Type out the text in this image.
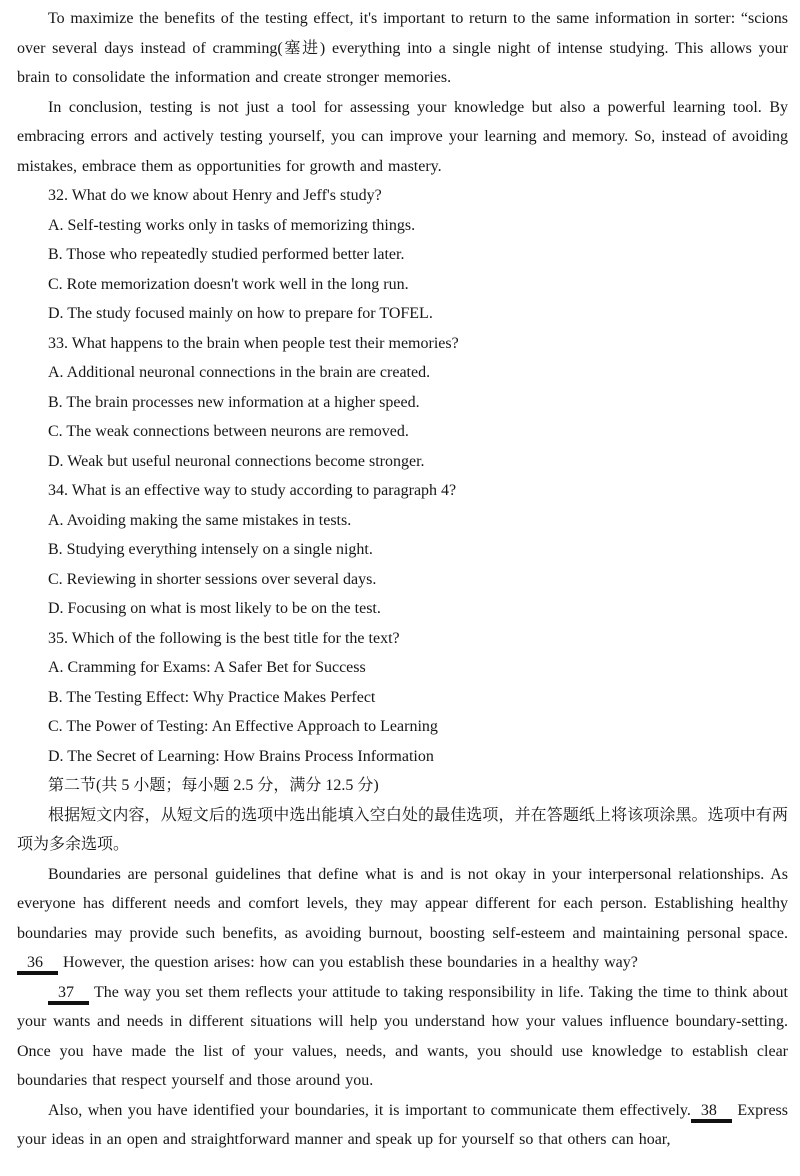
To maximize the benefits of the testing effect, it's important to return to the same information in sorter: “scions over several days instead of cramming(塞进) everything into a single night of intense studying. This allows your brain to consolidate the information and create stronger memories.

In conclusion, testing is not just a tool for assessing your knowledge but also a powerful learning tool. By embracing errors and actively testing yourself, you can improve your learning and memory. So, instead of avoiding mistakes, embrace them as opportunities for growth and mastery.

32. What do we know about Henry and Jeff's study?

A. Self-testing works only in tasks of memorizing things.

B. Those who repeatedly studied performed better later.

C. Rote memorization doesn't work well in the long run.

D. The study focused mainly on how to prepare for TOFEL.

33. What happens to the brain when people test their memories?

A. Additional neuronal connections in the brain are created.

B. The brain processes new information at a higher speed.

C. The weak connections between neurons are removed.

D. Weak but useful neuronal connections become stronger.

34. What is an effective way to study according to paragraph 4?

A. Avoiding making the same mistakes in tests.

B. Studying everything intensely on a single night.

C. Reviewing in shorter sessions over several days.

D. Focusing on what is most likely to be on the test.

35. Which of the following is the best title for the text?

A. Cramming for Exams: A Safer Bet for Success

B. The Testing Effect: Why Practice Makes Perfect

C. The Power of Testing: An Effective Approach to Learning

D. The Secret of Learning: How Brains Process Information

第二节(共 5 小题；每小题 2.5 分，满分 12.5 分)

根据短文内容，从短文后的选项中选出能填入空白处的最佳选项，并在答题纸上将该项涂黑。选项中有两项为多余选项。

Boundaries are personal guidelines that define what is and is not okay in your interpersonal relationships. As everyone has different needs and comfort levels, they may appear different for each person. Establishing healthy boundaries may provide such benefits, as avoiding burnout, boosting self-esteem and maintaining personal space. 36 However, the question arises: how can you establish these boundaries in a healthy way?

37 The way you set them reflects your attitude to taking responsibility in life. Taking the time to think about your wants and needs in different situations will help you understand how your values influence boundary-setting. Once you have made the list of your values, needs, and wants, you should use knowledge to establish clear boundaries that respect yourself and those around you.

Also, when you have identified your boundaries, it is important to communicate them effectively. 38 Express your ideas in an open and straightforward manner and speak up for yourself so that others can hoar,
